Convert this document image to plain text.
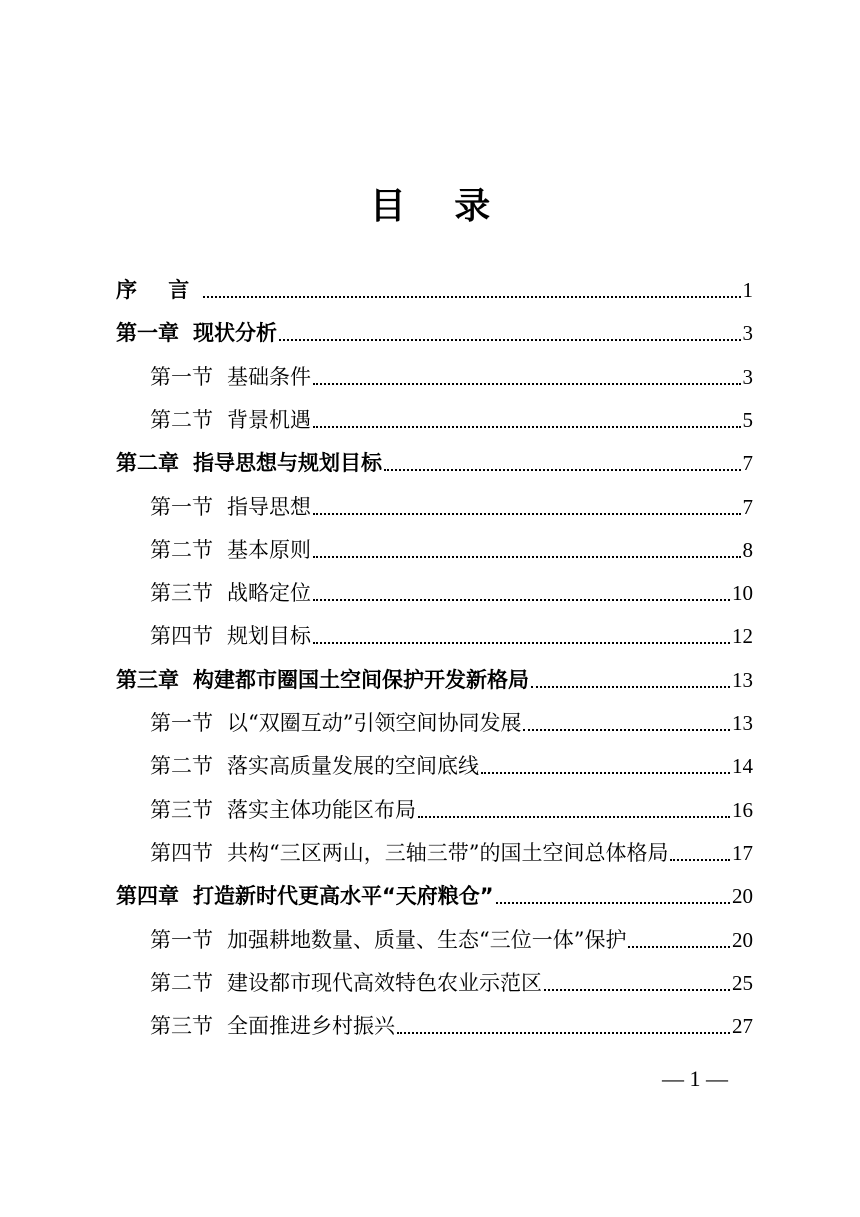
目 录
序 言	1
第一章 现状分析	3
第一节 基础条件	3
第二节 背景机遇	5
第二章 指导思想与规划目标	7
第一节 指导思想	7
第二节 基本原则	8
第三节 战略定位	10
第四节 规划目标	12
第三章 构建都市圈国土空间保护开发新格局	13
第一节 以“双圈互动”引领空间协同发展	13
第二节 落实高质量发展的空间底线	14
第三节 落实主体功能区布局	16
第四节 共构“三区两山，三轴三带”的国土空间总体格局	17
第四章 打造新时代更高水平“天府粮仓”	20
第一节 加强耕地数量、质量、生态“三位一体”保护	20
第二节 建设都市现代高效特色农业示范区	25
第三节 全面推进乡村振兴	27
— 1 —
